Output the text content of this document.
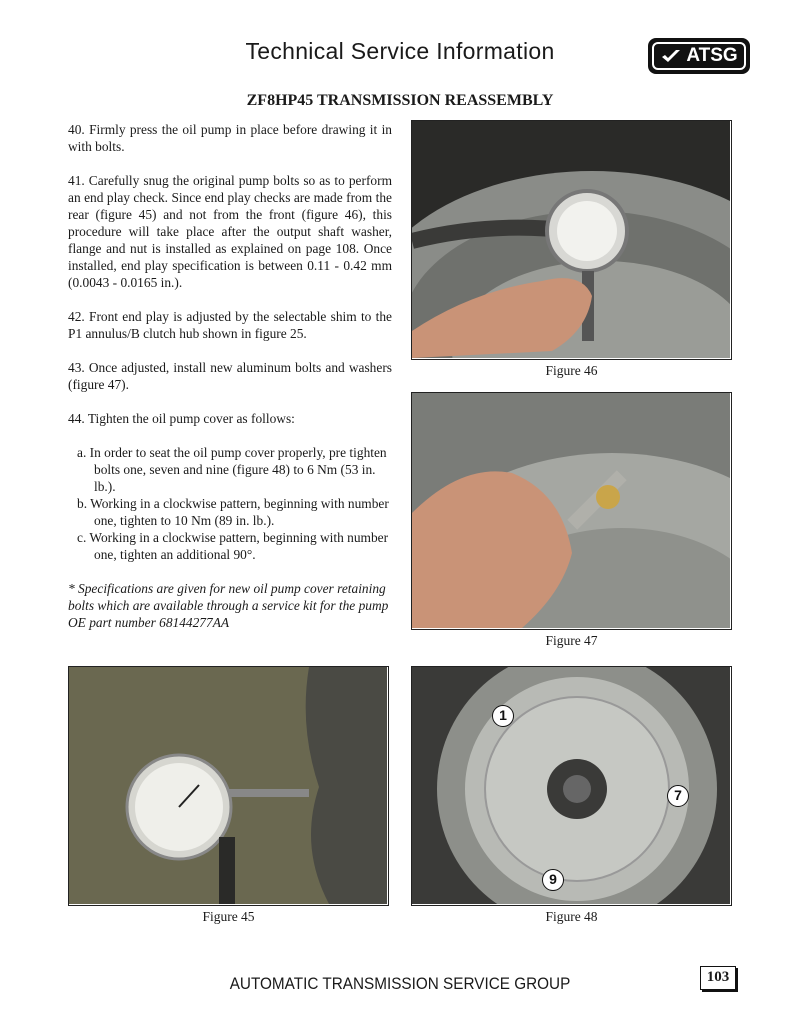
Technical Service Information	ATSG
ZF8HP45 TRANSMISSION REASSEMBLY

40. Firmly press the oil pump in place before drawing it in with bolts.

41. Carefully snug the original pump bolts so as to perform an end play check. Since end play checks are made from the rear (figure 45) and not from the front (figure 46), this procedure will take place after the output shaft washer, flange and nut is installed as explained on page 108. Once installed, end play specification is between 0.11 - 0.42 mm (0.0043 - 0.0165 in.).

42. Front end play is adjusted by the selectable shim to the P1 annulus/B clutch hub shown in figure 25.

43. Once adjusted, install new aluminum bolts and washers (figure 47).

44. Tighten the oil pump cover as follows:

a. In order to seat the oil pump cover properly, pre tighten bolts one, seven and nine (figure 48) to 6 Nm (53 in. lb.).

b. Working in a clockwise pattern, beginning with number one, tighten to 10 Nm (89 in. lb.).

c. Working in a clockwise pattern, beginning with number one, tighten an additional 90°.

* Specifications are given for new oil pump cover retaining bolts which are available through a service kit for the pump OE part number 68144277AA

Figure 46
Figure 47
Figure 45
1
7
9
Figure 48
AUTOMATIC TRANSMISSION SERVICE GROUP	103
